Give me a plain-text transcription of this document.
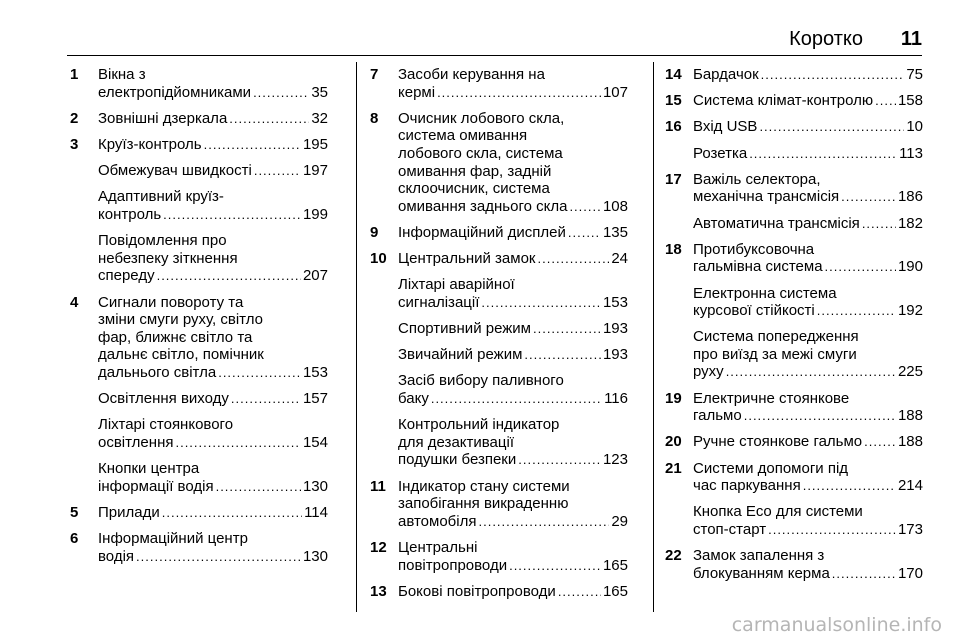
Коротко 11
1 Вікна з
електропідйомниками .....	35
2 Зовнішні дзеркала .....	32
3 Круїз-контроль .....	195
Обмежувач швидкості .....	197
Адаптивний круїз-
контроль .....	199
Повідомлення про
небезпеку зіткнення
спереду .....	207
4 Сигнали повороту та
зміни смуги руху, світло
фар, ближнє світло та
дальнє світло, помічник
дальнього світла .....	153
Освітлення виходу .....	157
Ліхтарі стоянкового
освітлення .....	154
Кнопки центра
інформації водія .....	130
5 Прилади .....	114
6 Інформаційний центр
водія .....	130
7 Засоби керування на
кермі .....	107
8 Очисник лобового скла,
система омивання
лобового скла, система
омивання фар, задній
склоочисник, система
омивання заднього скла ..... 108
9 Інформаційний дисплей ..... 135
10 Центральний замок .....	24
Ліхтарі аварійної
сигналізації .....	153
Спортивний режим .....	193
Звичайний режим .....	193
Засіб вибору паливного
баку .....	116
Контрольний індикатор
для дезактивації
подушки безпеки .....	123
11 Індикатор стану системи
запобігання викраденню
автомобіля .....	29
12 Центральні
повітропроводи .....	165
13 Бокові повітропроводи .....	165
14 Бардачок .....	75
15 Система клімат-контролю ..... 158
16 Вхід USB .....	10
Розетка .....	113
17 Важіль селектора,
механічна трансмісія .....	186
Автоматична трансмісія .....	182
18 Протибуксовочна
гальмівна система .....	190
Електронна система
курсової стійкості .....	192
Система попередження
про виїзд за межі смуги
руху .....	225
19 Електричне стоянкове
гальмо .....	188
20 Ручне стоянкове гальмо ..... 188
21 Системи допомоги під
час паркування .....	214
Кнопка Eco для системи
стоп-старт .....	173
22 Замок запалення з
блокуванням керма .....	170
carmanualsonline.info
